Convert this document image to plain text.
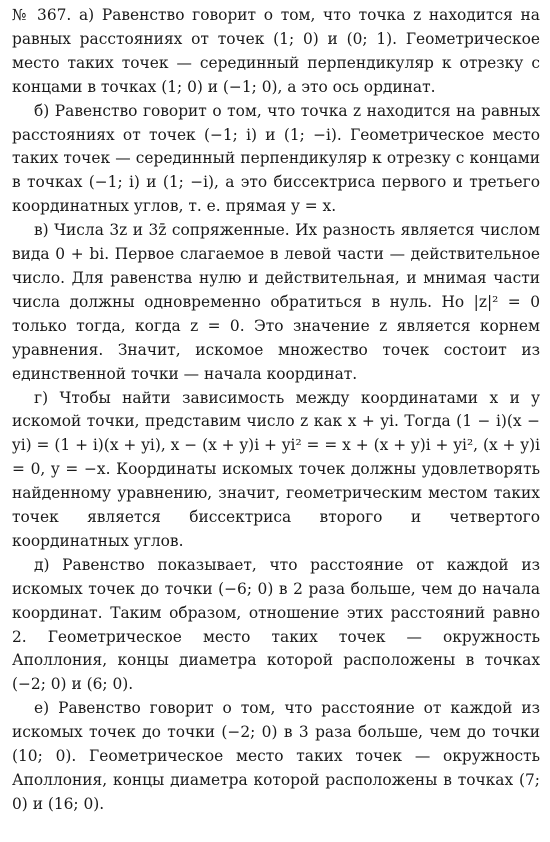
№ 367. а) Равенство говорит о том, что точка z находится на равных расстояниях от точек (1; 0) и (0; 1). Геометрическое место таких точек — серединный перпендикуляр к отрезку с концами в точках (1; 0) и (−1; 0), а это ось ординат.

б) Равенство говорит о том, что точка z находится на равных расстояниях от точек (−1; i) и (1; −i). Геометрическое место таких точек — серединный перпендикуляр к отрезку с концами в точках (−1; i) и (1; −i), а это биссектриса первого и третьего координатных углов, т. е. прямая y = x.

в) Числа 3z и 3z̄ сопряженные. Их разность является числом вида 0 + bi. Первое слагаемое в левой части — действительное число. Для равенства нулю и действительная, и мнимая части числа должны одновременно обратиться в нуль. Но |z|² = 0 только тогда, когда z = 0. Это значение z является корнем уравнения. Значит, искомое множество точек состоит из единственной точки — начала координат.

г) Чтобы найти зависимость между координатами x и y искомой точки, представим число z как x + yi. Тогда (1 − i)(x − yi) = (1 + i)(x + yi), x − (x + y)i + yi² = = x + (x + y)i + yi², (x + y)i = 0, y = −x. Координаты искомых точек должны удовлетворять найденному уравнению, значит, геометрическим местом таких точек является биссектриса второго и четвертого координатных углов.

д) Равенство показывает, что расстояние от каждой из искомых точек до точки (−6; 0) в 2 раза больше, чем до начала координат. Таким образом, отношение этих расстояний равно 2. Геометрическое место таких точек — окружность Аполлония, концы диаметра которой расположены в точках (−2; 0) и (6; 0).

е) Равенство говорит о том, что расстояние от каждой из искомых точек до точки (−2; 0) в 3 раза больше, чем до точки (10; 0). Геометрическое место таких точек — окружность Аполлония, концы диаметра которой расположены в точках (7; 0) и (16; 0).
